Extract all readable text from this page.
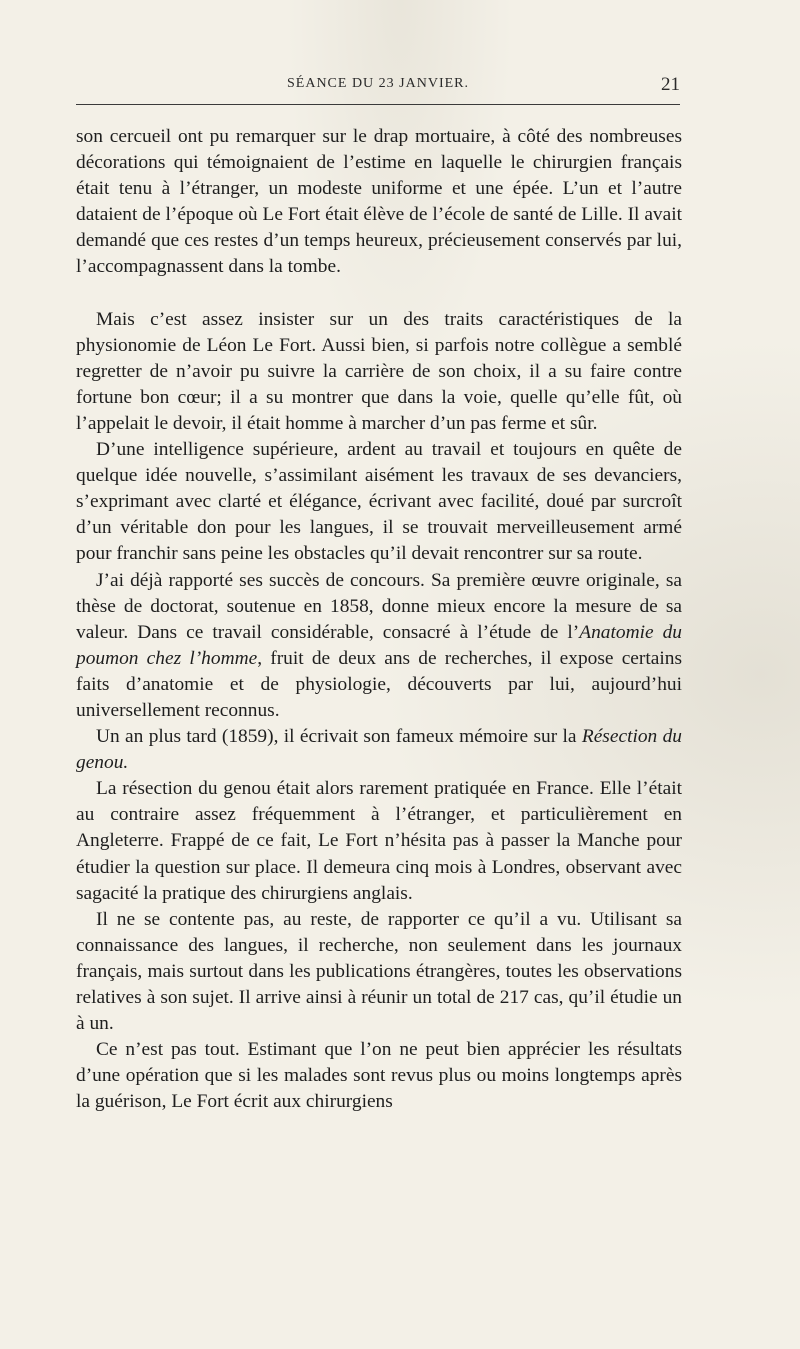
SÉANCE DU 23 JANVIER.	21

son cercueil ont pu remarquer sur le drap mortuaire, à côté des nombreuses décorations qui témoignaient de l’estime en laquelle le chirurgien français était tenu à l’étranger, un modeste uniforme et une épée. L’un et l’autre dataient de l’époque où Le Fort était élève de l’école de santé de Lille. Il avait demandé que ces restes d’un temps heureux, précieusement conservés par lui, l’accompagnassent dans la tombe.

Mais c’est assez insister sur un des traits caractéristiques de la physionomie de Léon Le Fort. Aussi bien, si parfois notre collègue a semblé regretter de n’avoir pu suivre la carrière de son choix, il a su faire contre fortune bon cœur; il a su montrer que dans la voie, quelle qu’elle fût, où l’appelait le devoir, il était homme à marcher d’un pas ferme et sûr.

D’une intelligence supérieure, ardent au travail et toujours en quête de quelque idée nouvelle, s’assimilant aisément les travaux de ses devanciers, s’exprimant avec clarté et élégance, écrivant avec facilité, doué par surcroît d’un véritable don pour les langues, il se trouvait merveilleusement armé pour franchir sans peine les obstacles qu’il devait rencontrer sur sa route.

J’ai déjà rapporté ses succès de concours. Sa première œuvre originale, sa thèse de doctorat, soutenue en 1858, donne mieux encore la mesure de sa valeur. Dans ce travail considérable, consacré à l’étude de l’Anatomie du poumon chez l’homme, fruit de deux ans de recherches, il expose certains faits d’anatomie et de physiologie, découverts par lui, aujourd’hui universellement reconnus.

Un an plus tard (1859), il écrivait son fameux mémoire sur la Résection du genou.

La résection du genou était alors rarement pratiquée en France. Elle l’était au contraire assez fréquemment à l’étranger, et particulièrement en Angleterre. Frappé de ce fait, Le Fort n’hésita pas à passer la Manche pour étudier la question sur place. Il demeura cinq mois à Londres, observant avec sagacité la pratique des chirurgiens anglais.

Il ne se contente pas, au reste, de rapporter ce qu’il a vu. Utilisant sa connaissance des langues, il recherche, non seulement dans les journaux français, mais surtout dans les publications étrangères, toutes les observations relatives à son sujet. Il arrive ainsi à réunir un total de 217 cas, qu’il étudie un à un.

Ce n’est pas tout. Estimant que l’on ne peut bien apprécier les résultats d’une opération que si les malades sont revus plus ou moins longtemps après la guérison, Le Fort écrit aux chirurgiens
